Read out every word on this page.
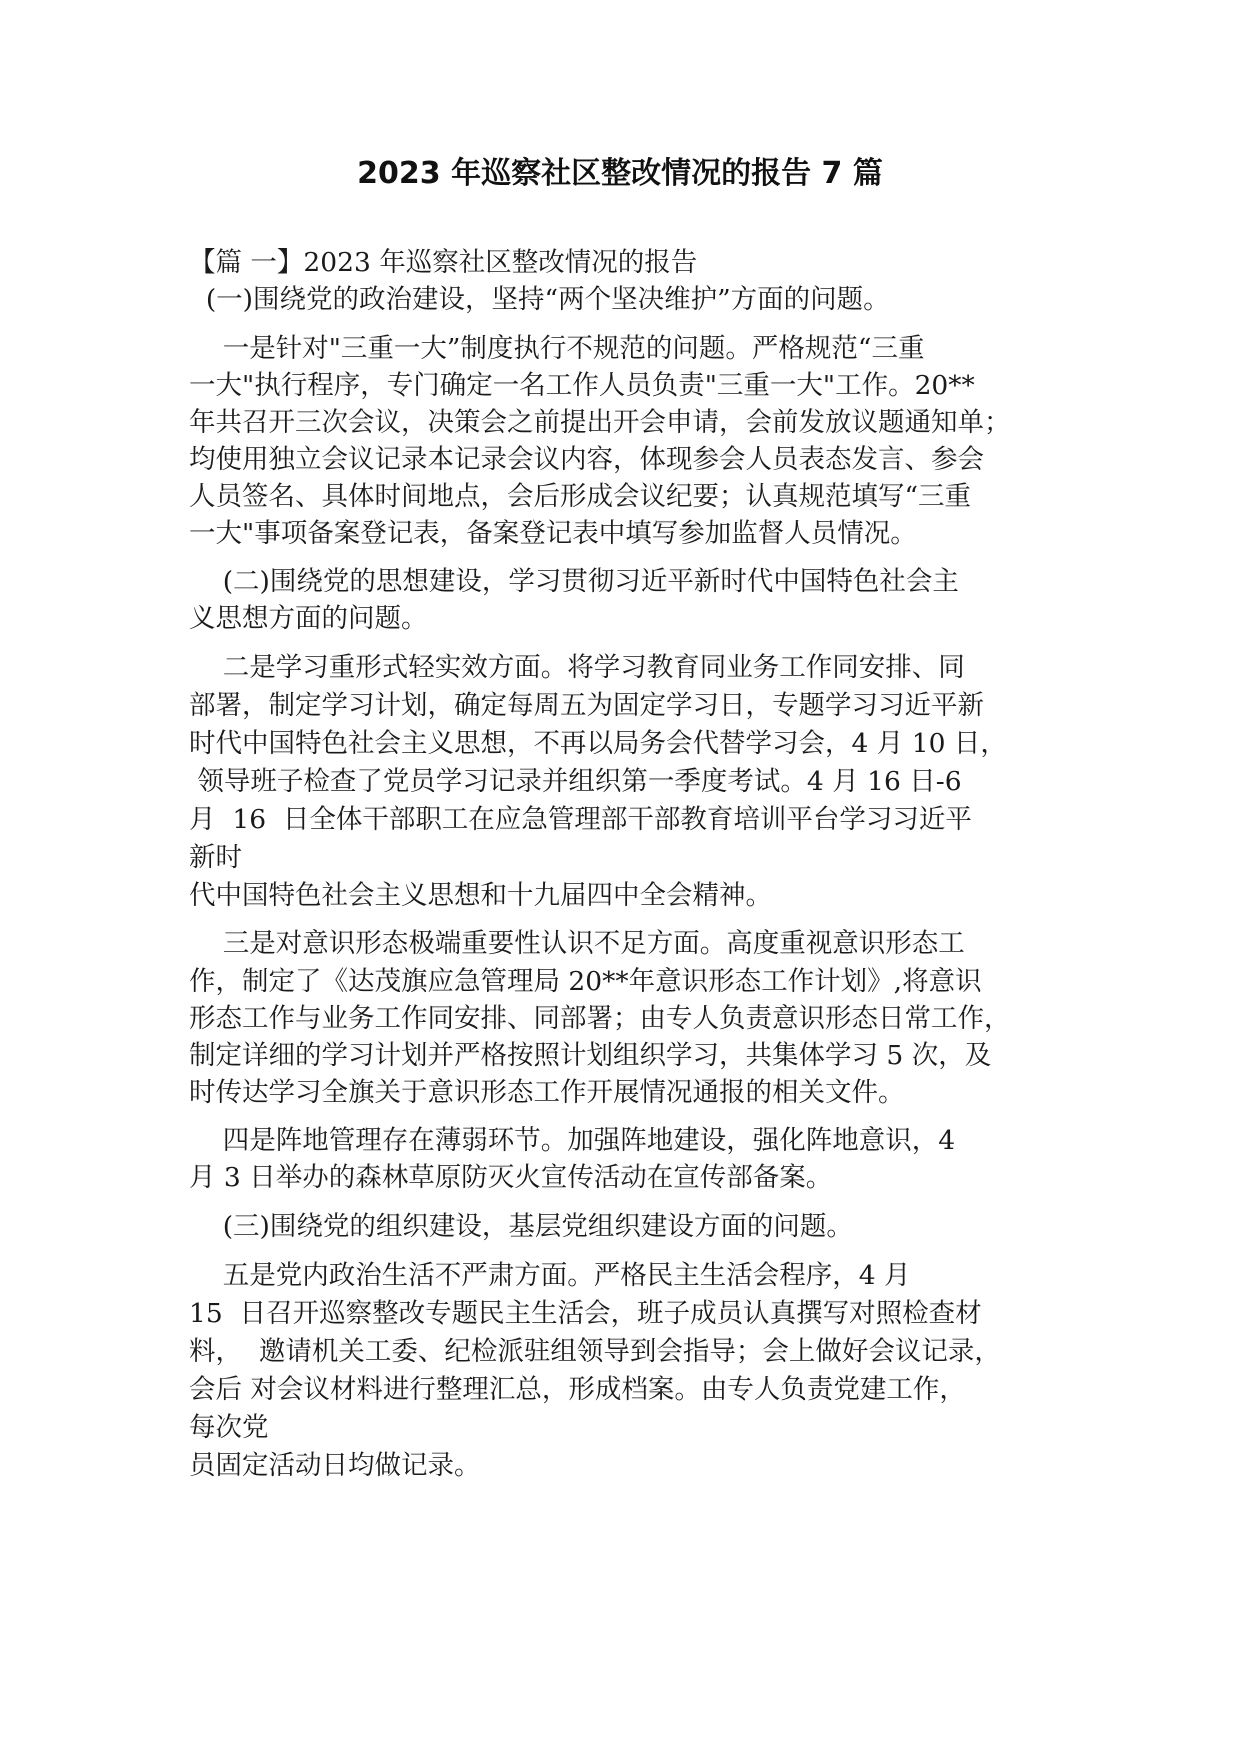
2023 年巡察社区整改情况的报告 7 篇
【篇 一】2023 年巡察社区整改情况的报告
(一)围绕党的政治建设，坚持“两个坚决维护”方面的问题。
一是针对"三重一大”制度执行不规范的问题。严格规范“三重
一大"执行程序，专门确定一名工作人员负责"三重一大"工作。20**
年共召开三次会议，决策会之前提出开会申请，会前发放议题通知单；
均使用独立会议记录本记录会议内容，体现参会人员表态发言、参会
人员签名、具体时间地点，会后形成会议纪要；认真规范填写“三重
一大"事项备案登记表，备案登记表中填写参加监督人员情况。
(二)围绕党的思想建设，学习贯彻习近平新时代中国特色社会主
义思想方面的问题。
二是学习重形式轻实效方面。将学习教育同业务工作同安排、同
部署，制定学习计划，确定每周五为固定学习日，专题学习习近平新
时代中国特色社会主义思想，不再以局务会代替学习会，4 月 10 日，
领导班子检查了党员学习记录并组织第一季度考试。4 月 16 日-6
月  16  日全体干部职工在应急管理部干部教育培训平台学习习近平
新时
代中国特色社会主义思想和十九届四中全会精神。
三是对意识形态极端重要性认识不足方面。高度重视意识形态工
作，制定了《达茂旗应急管理局 20**年意识形态工作计划》,将意识
形态工作与业务工作同安排、同部署；由专人负责意识形态日常工作，
制定详细的学习计划并严格按照计划组织学习，共集体学习 5 次，及
时传达学习全旗关于意识形态工作开展情况通报的相关文件。
四是阵地管理存在薄弱环节。加强阵地建设，强化阵地意识，4
月 3 日举办的森林草原防灭火宣传活动在宣传部备案。
(三)围绕党的组织建设，基层党组织建设方面的问题。
五是党内政治生活不严肃方面。严格民主生活会程序，4 月
15  日召开巡察整改专题民主生活会，班子成员认真撰写对照检查材
料，  邀请机关工委、纪检派驻组领导到会指导；会上做好会议记录，
会后 对会议材料进行整理汇总，形成档案。由专人负责党建工作，
每次党
员固定活动日均做记录。
